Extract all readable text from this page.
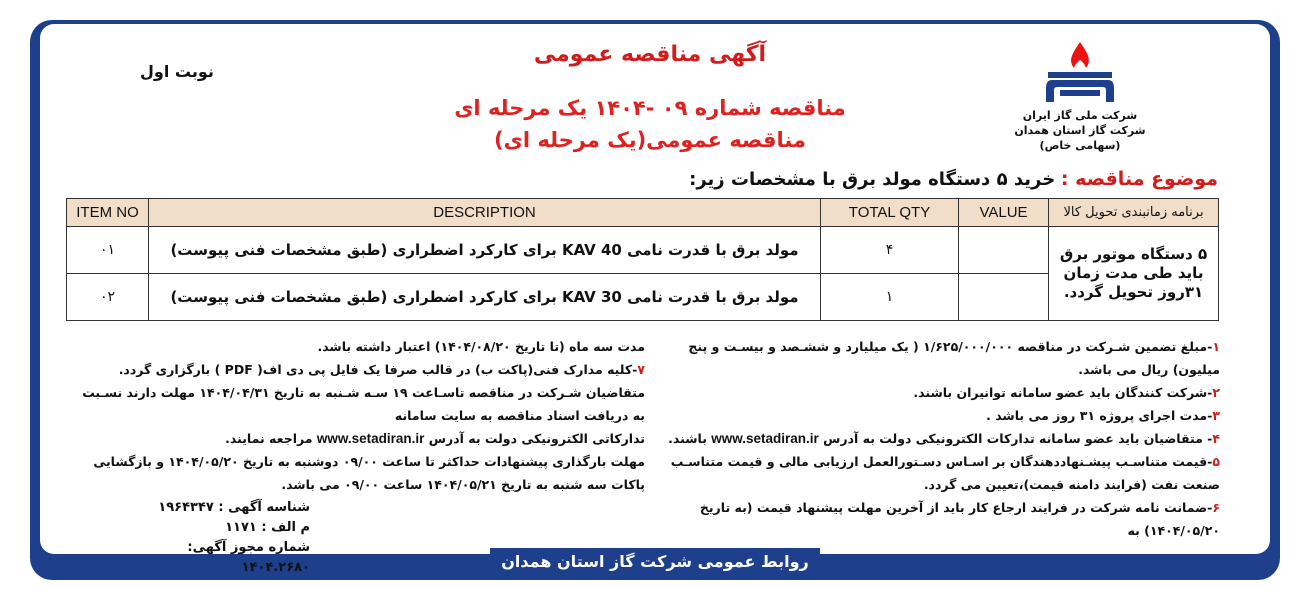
شرکت ملی گاز ایران
شرکت گاز استان همدان
(سهامی خاص)
نوبت اول
آگهی مناقصه عمومی
مناقصه شماره ۰۹ -۱۴۰۴ یک مرحله ای
مناقصه عمومی(یک مرحله ای)
موضوع مناقصه : خرید ۵ دستگاه مولد برق با مشخصات زیر:
ITEM NO	DESCRIPTION	TOTAL QTY	VALUE	برنامه زمانبندی تحویل کالا
۰۱	مولد برق با قدرت نامی KAV 40 برای کارکرد اضطراری (طبق مشخصات فنی پیوست)	۴		۵ دستگاه موتور برق باید طی مدت زمان ۳۱روز تحویل گردد.
۰۲	مولد برق با قدرت نامی KAV 30 برای کارکرد اضطراری (طبق مشخصات فنی پیوست)	۱		
۱-مبلغ تضمین شـرکت در مناقصه ۱/۶۲۵/۰۰۰/۰۰۰ ( یک میلیارد و ششـصد و بیسـت و پنج میلیون) ریال می باشد.
۲-شرکت کنندگان باید عضو سامانه توانیران باشند.
۳-مدت اجرای پروژه ۳۱ روز می باشد .
۴- متقاضیان باید عضو سامانه تدارکات الکترونیکی دولت به آدرس www.setadiran.ir باشند.
۵-قیمت متناسـب پیشـنهاددهندگان بر اسـاس دسـتورالعمل ارزیابی مالی و قیمت متناسـب صنعت نفت (فرایند دامنه قیمت)،تعیین می گردد.
۶-ضمانت نامه شرکت در فرایند ارجاع کار باید از آخرین مهلت پیشنهاد قیمت (به تاریخ ۱۴۰۴/۰۵/۲۰) به
مدت سه ماه (تا تاریخ ۱۴۰۴/۰۸/۲۰) اعتبار داشته باشد.
۷-کلیه مدارک فنی(پاکت ب) در قالب صرفا یک فایل پی دی اف( PDF ) بارگزاری گردد.
متقاضیان شـرکت در مناقصه تاسـاعت ۱۹ سـه شـنبه به تاریخ ۱۴۰۴/۰۴/۳۱ مهلت دارند نسـبت به دریافت اسناد مناقصه به سایت سامانه
تدارکاتی الکترونیکی دولت به آدرس www.setadiran.ir مراجعه نمایند.
مهلت بارگذاری پیشنهادات حداکثر تا ساعت ۰۹/۰۰ دوشنبه به تاریخ ۱۴۰۴/۰۵/۲۰ و بازگشایی پاکات سه شنبه به تاریخ ۱۴۰۴/۰۵/۲۱ ساعت ۰۹/۰۰ می باشد.
شناسه آگهی : ۱۹۶۴۳۴۷
م الف : ۱۱۷۱
شماره مجوز آگهی: ۱۴۰۴.۲۶۸۰	روابط عمومی شرکت گاز استان همدان
